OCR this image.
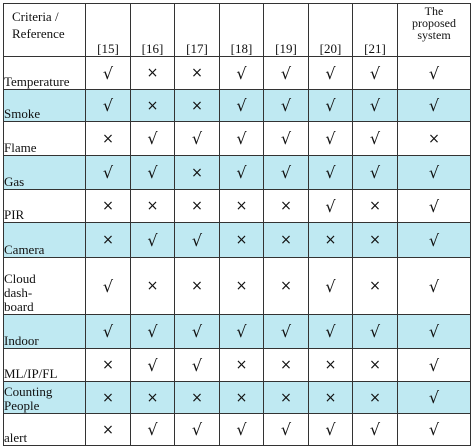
Criteria /
Reference	[15]	[16]	[17]	[18]	[19]	[20]	[21]	The
proposed
system

Temperature	√	×	×	√	√	√	√	√

Smoke	√	×	×	√	√	√	√	√

Flame	×	√	√	√	√	√	√	×

Gas	√	√	×	√	√	√	√	√

PIR	×	×	×	×	×	√	×	√

Camera	×	√	√	×	×	×	×	√

Cloud
dash-
board	√	×	×	×	×	√	×	√

Indoor	√	√	√	√	√	√	√	√

ML/IP/FL	×	√	√	×	×	×	×	√

Counting
People	×	×	×	×	×	×	×	√

alert	×	√	√	√	√	√	√	√
